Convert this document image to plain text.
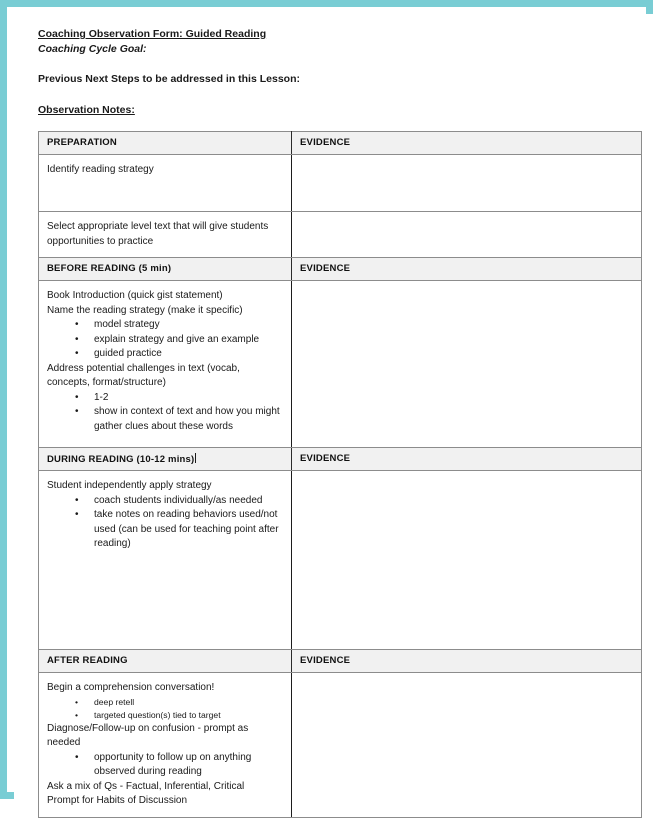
Coaching Observation Form: Guided Reading
Coaching Cycle Goal:
Previous Next Steps to be addressed in this Lesson:
Observation Notes:
PREPARATION	EVIDENCE

Identify reading strategy	

Select appropriate level text that will give students opportunities to practice	

BEFORE READING (5 min)	EVIDENCE

Book Introduction (quick gist statement)
Name the reading strategy (make it specific)
• model strategy
• explain strategy and give an example
• guided practice
Address potential challenges in text (vocab, concepts, format/structure)
• 1-2
• show in context of text and how you might gather clues about these words

DURING READING (10-12 mins)	EVIDENCE

Student independently apply strategy
• coach students individually/as needed
• take notes on reading behaviors used/not used (can be used for teaching point after reading)

AFTER READING	EVIDENCE

Begin a comprehension conversation!
• deep retell
• targeted question(s) tied to target
Diagnose/Follow-up on confusion - prompt as needed
• opportunity to follow up on anything observed during reading
Ask a mix of Qs - Factual, Inferential, Critical
Prompt for Habits of Discussion
